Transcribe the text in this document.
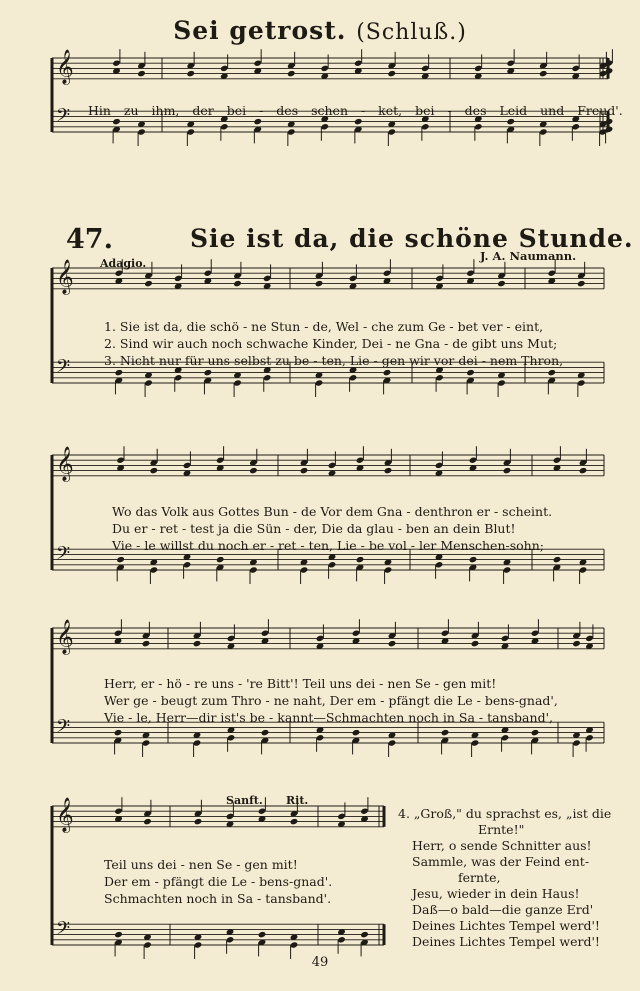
Sei getrost. (Schluß.)
𝄞
𝄢 Hin zu ihm, der bei - des schen - ket, bei - des Leid und Freud'.
47.	Sie ist da, die schöne Stunde.
J. A. Naumann.
Adagio.
𝄞
𝄢
1. Sie ist da, die schö - ne Stun - de, Wel - che zum Ge - bet ver - eint,
2. Sind wir auch noch schwache Kinder, Dei - ne Gna - de gibt uns Mut;
3. Nicht nur für uns selbst zu be - ten, Lie - gen wir vor dei - nem Thron,
𝄞
𝄢
Wo das Volk aus Gottes Bun - de Vor dem Gna - denthron er - scheint.
Du er - ret - test ja die Sün - der, Die da glau - ben an dein Blut!
Vie - le willst du noch er - ret - ten, Lie - be vol - ler Menschen-sohn;
𝄞
𝄢
Herr, er - hö - re uns - 're Bitt'! Teil uns dei - nen Se - gen mit!
Wer ge - beugt zum Thro - ne naht, Der em - pfängt die Le - bens-gnad',
Vie - le, Herr—dir ist's be - kannt—Schmachten noch in Sa - tansband',
Sanft. Rit.
𝄞
𝄢
Teil uns dei - nen Se - gen mit!
Der em - pfängt die Le - bens-gnad'.
Schmachten noch in Sa - tansband'.
4. „Groß," du sprachst es, „ist die
Ernte!"
Herr, o sende Schnitter aus!
Sammle, was der Feind ent-
fernte,
Jesu, wieder in dein Haus!
Daß—o bald—die ganze Erd'
Deines Lichtes Tempel werd'!
Deines Lichtes Tempel werd'!
49
